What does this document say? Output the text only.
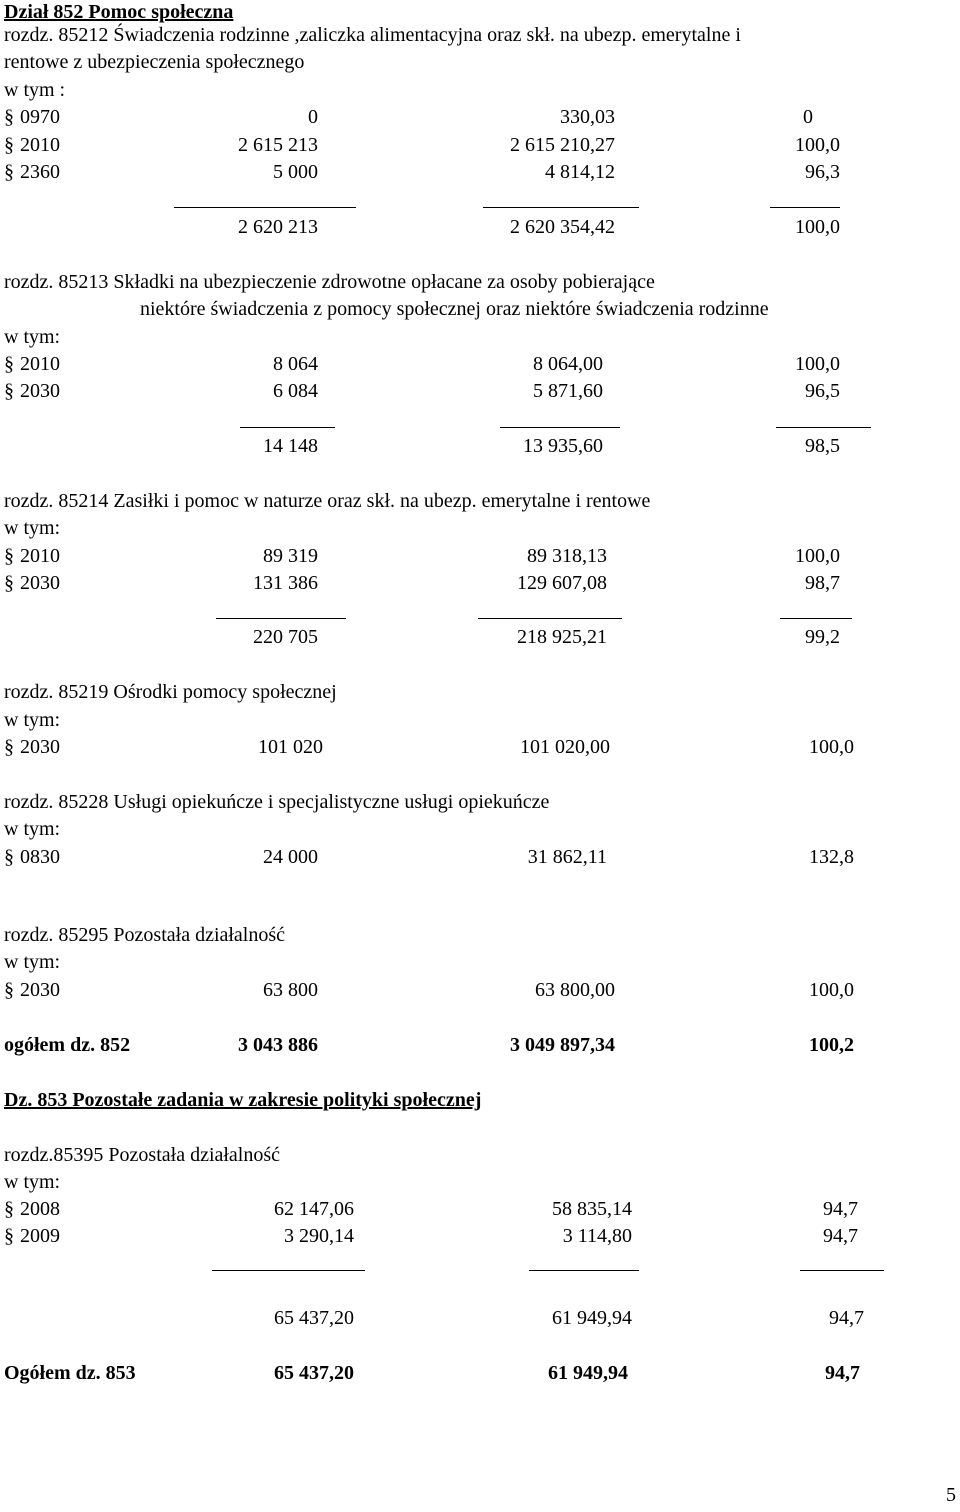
Dział 852 Pomoc społeczna
rozdz. 85212 Świadczenia rodzinne ,zaliczka alimentacyjna oraz skł. na ubezp. emerytalne i
rentowe z ubezpieczenia społecznego
w tym :
§ 0970	0	330,03	0
§ 2010	2 615 213	2 615 210,27	100,0
§ 2360	5 000	4 814,12	96,3
2 620 213	2 620 354,42	100,0
rozdz. 85213 Składki na ubezpieczenie zdrowotne opłacane za osoby pobierające
niektóre świadczenia z pomocy społecznej oraz niektóre świadczenia rodzinne
w tym:
§ 2010	8 064	8 064,00	100,0
§ 2030	6 084	5 871,60	96,5
14 148	13 935,60	98,5
rozdz. 85214 Zasiłki i pomoc w naturze oraz skł. na ubezp. emerytalne i rentowe
w tym:
§ 2010	89 319	89 318,13	100,0
§ 2030	131 386	129 607,08	98,7
220 705	218 925,21	99,2
rozdz. 85219 Ośrodki pomocy społecznej
w tym:
§ 2030	101 020	101 020,00	100,0
rozdz. 85228 Usługi opiekuńcze i specjalistyczne usługi opiekuńcze
w tym:
§ 0830	24 000	31 862,11	132,8
rozdz. 85295 Pozostała działalność
w tym:
§ 2030	63 800	63 800,00	100,0
ogółem dz. 852	3 043 886	3 049 897,34	100,2
Dz. 853 Pozostałe zadania w zakresie polityki społecznej
rozdz.85395 Pozostała działalność
w tym:
§ 2008	62 147,06	58 835,14	94,7
§ 2009	3 290,14	3 114,80	94,7
65 437,20	61 949,94	94,7
Ogółem dz. 853	65 437,20	61 949,94	94,7
5
